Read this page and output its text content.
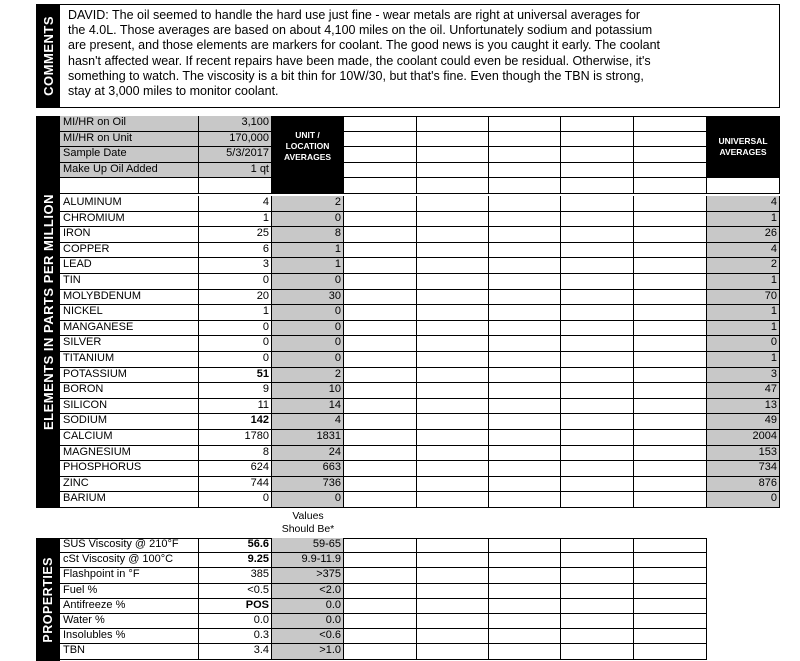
COMMENTS
DAVID: The oil seemed to handle the hard use just fine - wear metals are right at universal averages for
the 4.0L. Those averages are based on about 4,100 miles on the oil. Unfortunately sodium and potassium
are present, and those elements are markers for coolant. The good news is you caught it early. The coolant
hasn't affected wear. If recent repairs have been made, the coolant could even be residual. Otherwise, it's
something to watch. The viscosity is a bit thin for 10W/30, but that's fine. Even though the TBN is strong,
stay at 3,000 miles to monitor coolant.
ELEMENTS IN PARTS PER MILLION
MI/HR on Oil	3,100
MI/HR on Unit	170,000
Sample Date	5/3/2017
Make Up Oil Added	1 qt
UNIT / LOCATION AVERAGES
UNIVERSAL AVERAGES
ALUMINUM	4	2	4
CHROMIUM	1	0	1
IRON	25	8	26
COPPER	6	1	4
LEAD	3	1	2
TIN	0	0	1
MOLYBDENUM	20	30	70
NICKEL	1	0	1
MANGANESE	0	0	1
SILVER	0	0	0
TITANIUM	0	0	1
POTASSIUM	51	2	3
BORON	9	10	47
SILICON	11	14	13
SODIUM	142	4	49
CALCIUM	1780	1831	2004
MAGNESIUM	8	24	153
PHOSPHORUS	624	663	734
ZINC	744	736	876
BARIUM	0	0	0
Values
Should Be*
PROPERTIES
SUS Viscosity @ 210°F	56.6	59-65
cSt Viscosity @ 100°C	9.25	9.9-11.9
Flashpoint in °F	385	>375
Fuel %	<0.5	<2.0
Antifreeze %	POS	0.0
Water %	0.0	0.0
Insolubles %	0.3	<0.6
TBN	3.4	>1.0
